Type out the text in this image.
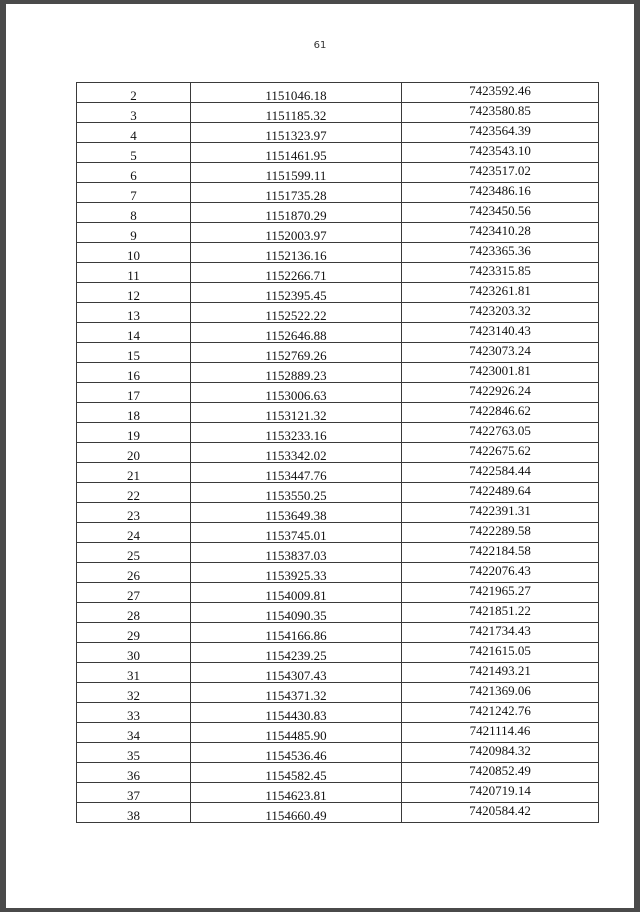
61
2	1151046.18	7423592.46
3	1151185.32	7423580.85
4	1151323.97	7423564.39
5	1151461.95	7423543.10
6	1151599.11	7423517.02
7	1151735.28	7423486.16
8	1151870.29	7423450.56
9	1152003.97	7423410.28
10	1152136.16	7423365.36
11	1152266.71	7423315.85
12	1152395.45	7423261.81
13	1152522.22	7423203.32
14	1152646.88	7423140.43
15	1152769.26	7423073.24
16	1152889.23	7423001.81
17	1153006.63	7422926.24
18	1153121.32	7422846.62
19	1153233.16	7422763.05
20	1153342.02	7422675.62
21	1153447.76	7422584.44
22	1153550.25	7422489.64
23	1153649.38	7422391.31
24	1153745.01	7422289.58
25	1153837.03	7422184.58
26	1153925.33	7422076.43
27	1154009.81	7421965.27
28	1154090.35	7421851.22
29	1154166.86	7421734.43
30	1154239.25	7421615.05
31	1154307.43	7421493.21
32	1154371.32	7421369.06
33	1154430.83	7421242.76
34	1154485.90	7421114.46
35	1154536.46	7420984.32
36	1154582.45	7420852.49
37	1154623.81	7420719.14
38	1154660.49	7420584.42
